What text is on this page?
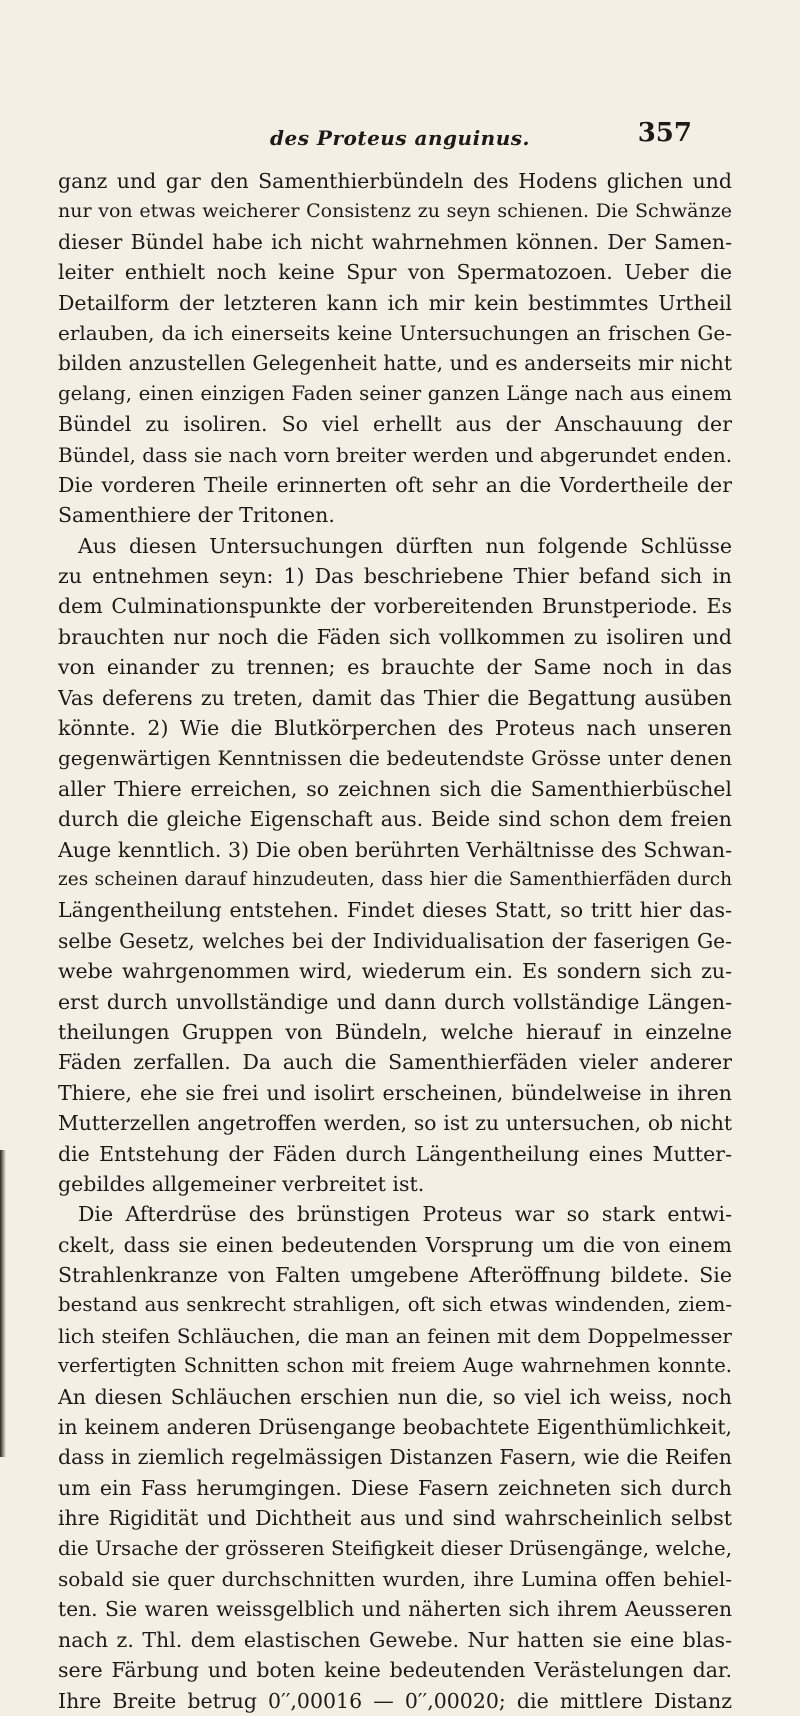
des Proteus anguinus.	357
ganz und gar den Samenthierbündeln des Hodens glichen und
nur von etwas weicherer Consistenz zu seyn schienen. Die Schwänze
dieser Bündel habe ich nicht wahrnehmen können. Der Samen-
leiter enthielt noch keine Spur von Spermatozoen. Ueber die
Detailform der letzteren kann ich mir kein bestimmtes Urtheil
erlauben, da ich einerseits keine Untersuchungen an frischen Ge-
bilden anzustellen Gelegenheit hatte, und es anderseits mir nicht
gelang, einen einzigen Faden seiner ganzen Länge nach aus einem
Bündel zu isoliren. So viel erhellt aus der Anschauung der
Bündel, dass sie nach vorn breiter werden und abgerundet enden.
Die vorderen Theile erinnerten oft sehr an die Vordertheile der
Samenthiere der Tritonen.
Aus diesen Untersuchungen dürften nun folgende Schlüsse
zu entnehmen seyn: 1) Das beschriebene Thier befand sich in
dem Culminationspunkte der vorbereitenden Brunstperiode. Es
brauchten nur noch die Fäden sich vollkommen zu isoliren und
von einander zu trennen; es brauchte der Same noch in das
Vas deferens zu treten, damit das Thier die Begattung ausüben
könnte. 2) Wie die Blutkörperchen des Proteus nach unseren
gegenwärtigen Kenntnissen die bedeutendste Grösse unter denen
aller Thiere erreichen, so zeichnen sich die Samenthierbüschel
durch die gleiche Eigenschaft aus. Beide sind schon dem freien
Auge kenntlich. 3) Die oben berührten Verhältnisse des Schwan-
zes scheinen darauf hinzudeuten, dass hier die Samenthierfäden durch
Längentheilung entstehen. Findet dieses Statt, so tritt hier das-
selbe Gesetz, welches bei der Individualisation der faserigen Ge-
webe wahrgenommen wird, wiederum ein. Es sondern sich zu-
erst durch unvollständige und dann durch vollständige Längen-
theilungen Gruppen von Bündeln, welche hierauf in einzelne
Fäden zerfallen. Da auch die Samenthierfäden vieler anderer
Thiere, ehe sie frei und isolirt erscheinen, bündelweise in ihren
Mutterzellen angetroffen werden, so ist zu untersuchen, ob nicht
die Entstehung der Fäden durch Längentheilung eines Mutter-
gebildes allgemeiner verbreitet ist.
Die Afterdrüse des brünstigen Proteus war so stark entwi-
ckelt, dass sie einen bedeutenden Vorsprung um die von einem
Strahlenkranze von Falten umgebene Afteröffnung bildete. Sie
bestand aus senkrecht strahligen, oft sich etwas windenden, ziem-
lich steifen Schläuchen, die man an feinen mit dem Doppelmesser
verfertigten Schnitten schon mit freiem Auge wahrnehmen konnte.
An diesen Schläuchen erschien nun die, so viel ich weiss, noch
in keinem anderen Drüsengange beobachtete Eigenthümlichkeit,
dass in ziemlich regelmässigen Distanzen Fasern, wie die Reifen
um ein Fass herumgingen. Diese Fasern zeichneten sich durch
ihre Rigidität und Dichtheit aus und sind wahrscheinlich selbst
die Ursache der grösseren Steifigkeit dieser Drüsengänge, welche,
sobald sie quer durchschnitten wurden, ihre Lumina offen behiel-
ten. Sie waren weissgelblich und näherten sich ihrem Aeusseren
nach z. Thl. dem elastischen Gewebe. Nur hatten sie eine blas-
sere Färbung und boten keine bedeutenden Verästelungen dar.
Ihre Breite betrug 0′′,00016 — 0′′,00020; die mittlere Distanz
